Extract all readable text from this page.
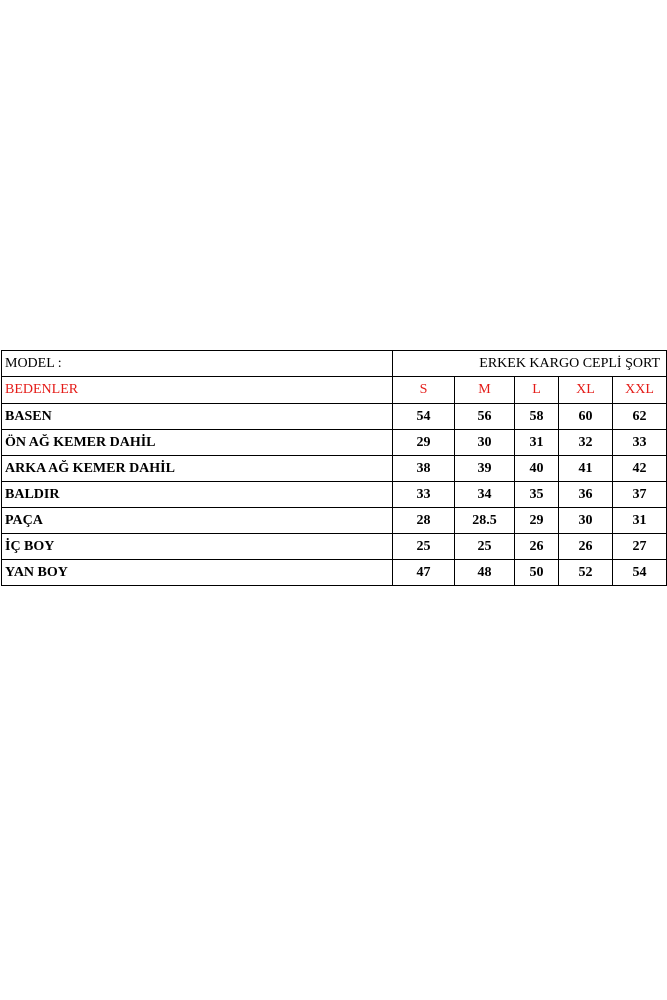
MODEL :	ERKEK KARGO CEPLİ ŞORT				
BEDENLER	S	M	L	XL	XXL
BASEN	54	56	58	60	62
ÖN AĞ KEMER DAHİL	29	30	31	32	33
ARKA AĞ KEMER DAHİL	38	39	40	41	42
BALDIR	33	34	35	36	37
PAÇA	28	28.5	29	30	31
İÇ BOY	25	25	26	26	27
YAN BOY	47	48	50	52	54
